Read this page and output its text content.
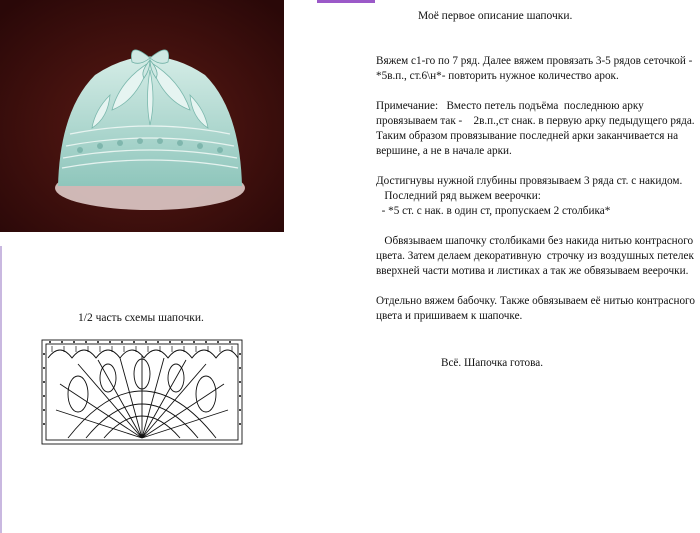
Моё первое описание шапочки.

Вяжем с1-го по 7 ряд. Далее вяжем провязать 3-5 рядов сеточкой -*5в.п., ст.6\н*- повторить нужное количество арок.

Примечание:   Вместо петель подъёма  последнюю арку провязываем так -    2в.п.,ст снак. в первую арку педыдущего ряда. Таким образом провязывание последней арки заканчивается на вершине, а не в начале арки.

Достигнувы нужной глубины провязываем 3 ряда ст. с накидом.

Последний ряд выжем веерочки:

- *5 ст. с нак. в один ст, пропускаем 2 столбика*

Обвязываем шапочку столбиками без накида нитью контрасного цвета. Затем делаем декоративную  строчку из воздушных петелек вверхней части мотива и листиках а так же обвязываем веерочки.

Отдельно вяжем бабочку. Также обвязываем её нитью контрасного цвета и пришиваем к шапочке.

Всё. Шапочка готова.
1/2 часть схемы шапочки.
